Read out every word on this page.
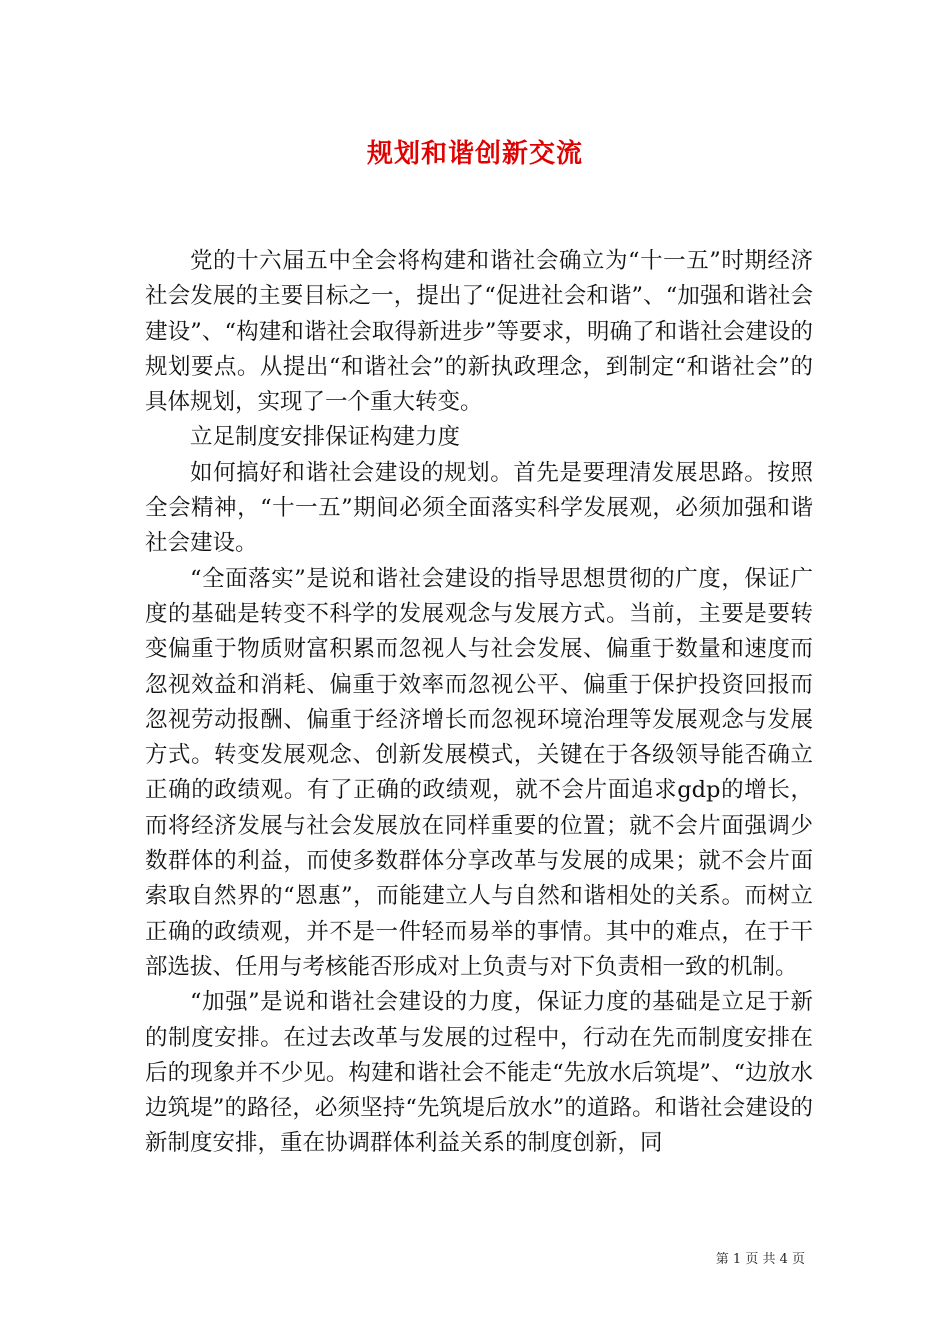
规划和谐创新交流

党的十六届五中全会将构建和谐社会确立为“十一五”时期经济社会发展的主要目标之一，提出了“促进社会和谐”、“加强和谐社会建设”、“构建和谐社会取得新进步”等要求，明确了和谐社会建设的规划要点。从提出“和谐社会”的新执政理念，到制定“和谐社会”的具体规划，实现了一个重大转变。

立足制度安排保证构建力度

如何搞好和谐社会建设的规划。首先是要理清发展思路。按照全会精神，“十一五”期间必须全面落实科学发展观，必须加强和谐社会建设。

“全面落实”是说和谐社会建设的指导思想贯彻的广度，保证广度的基础是转变不科学的发展观念与发展方式。当前，主要是要转变偏重于物质财富积累而忽视人与社会发展、偏重于数量和速度而忽视效益和消耗、偏重于效率而忽视公平、偏重于保护投资回报而忽视劳动报酬、偏重于经济增长而忽视环境治理等发展观念与发展方式。转变发展观念、创新发展模式，关键在于各级领导能否确立正确的政绩观。有了正确的政绩观，就不会片面追求gdp的增长，而将经济发展与社会发展放在同样重要的位置；就不会片面强调少数群体的利益，而使多数群体分享改革与发展的成果；就不会片面索取自然界的“恩惠”，而能建立人与自然和谐相处的关系。而树立正确的政绩观，并不是一件轻而易举的事情。其中的难点，在于干部选拔、任用与考核能否形成对上负责与对下负责相一致的机制。

“加强”是说和谐社会建设的力度，保证力度的基础是立足于新的制度安排。在过去改革与发展的过程中，行动在先而制度安排在后的现象并不少见。构建和谐社会不能走“先放水后筑堤”、“边放水边筑堤”的路径，必须坚持“先筑堤后放水”的道路。和谐社会建设的新制度安排，重在协调群体利益关系的制度创新，同

第 1 页 共 4 页
